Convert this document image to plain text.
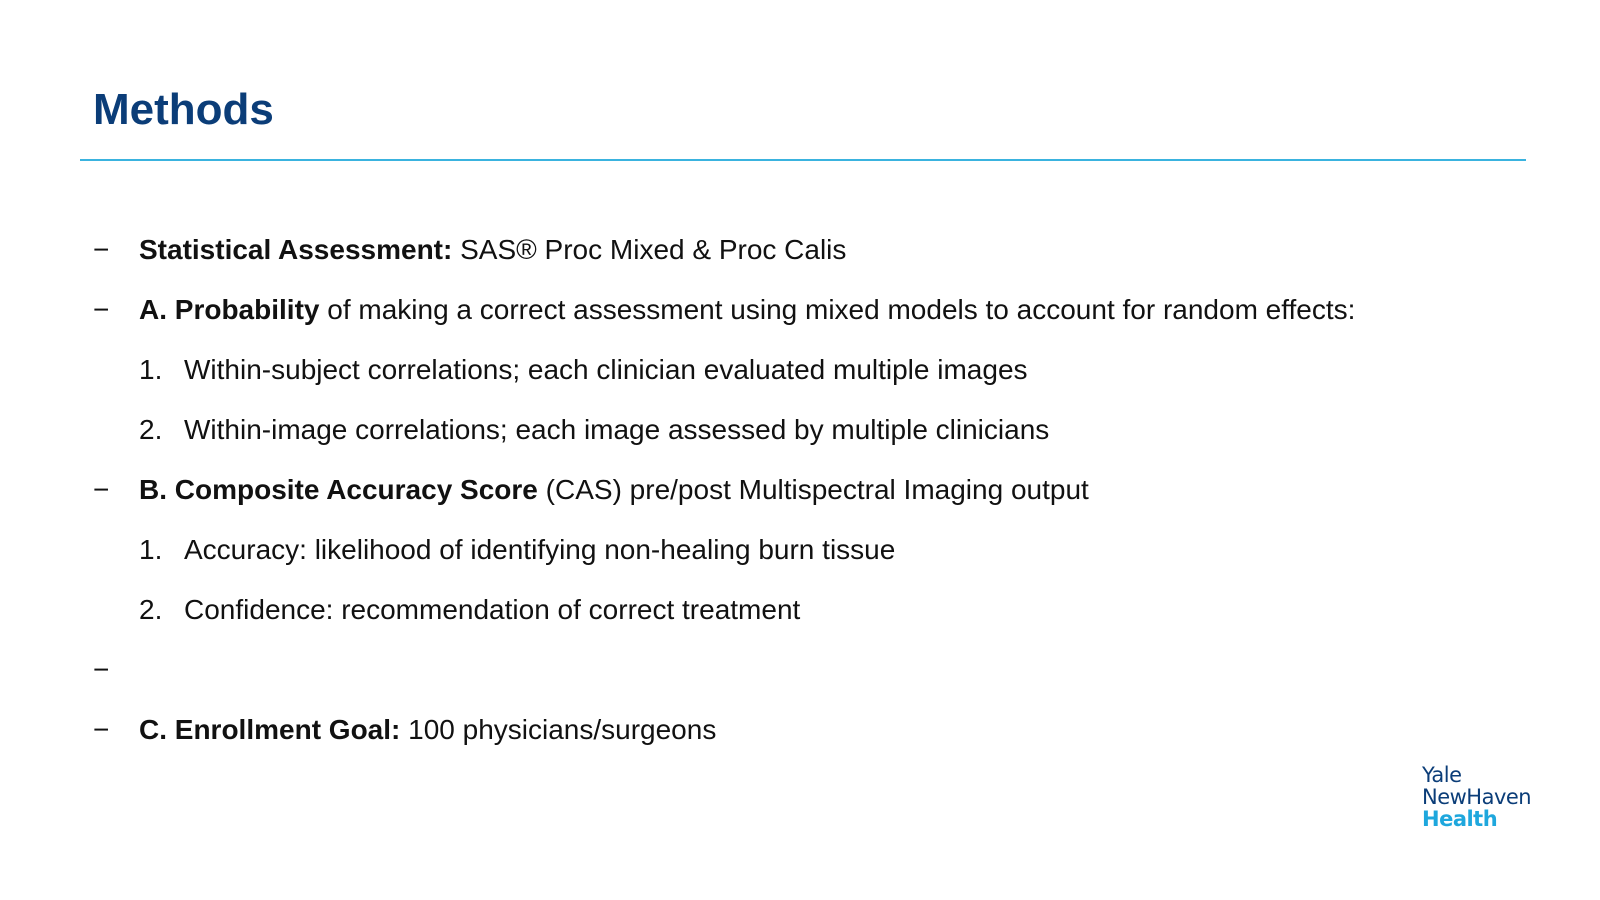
Methods
− Statistical Assessment: SAS® Proc Mixed & Proc Calis
− A. Probability of making a correct assessment using mixed models to account for random effects:
1. Within-subject correlations; each clinician evaluated multiple images
2. Within-image correlations; each image assessed by multiple clinicians
− B. Composite Accuracy Score (CAS) pre/post Multispectral Imaging output
1. Accuracy: likelihood of identifying non-healing burn tissue
2. Confidence: recommendation of correct treatment
−
− C. Enrollment Goal: 100 physicians/surgeons
Yale
NewHaven
Health
